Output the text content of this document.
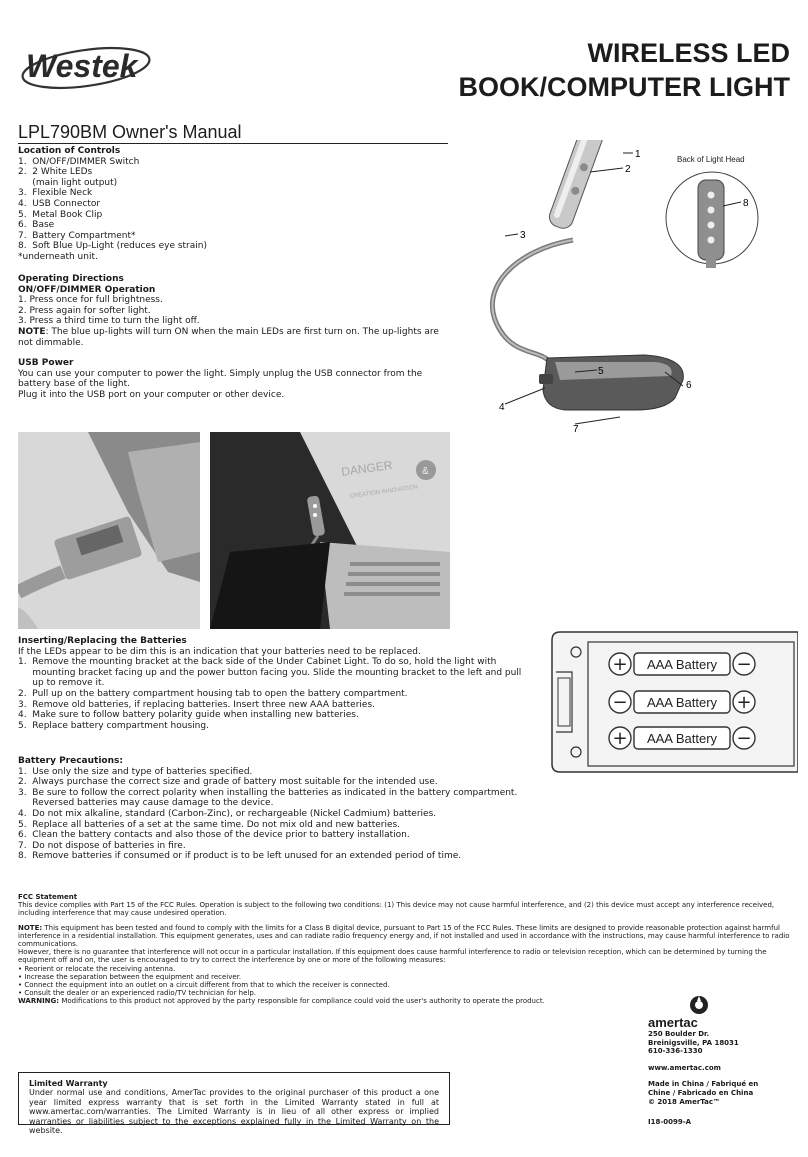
Westek	WIRELESS LED
BOOK/COMPUTER LIGHT
LPL790BM Owner's Manual
Location of Controls
1.  ON/OFF/DIMMER Switch
2.  2 White LEDs
(main light output)
3.  Flexible Neck
4.  USB Connector
5.  Metal Book Clip
6.  Base
7.  Battery Compartment*
8.  Soft Blue Up-Light (reduces eye strain)
*underneath unit.
Operating Directions
ON/OFF/DIMMER Operation
1. Press once for full brightness.
2. Press again for softer light.
3. Press a third time to turn the light off.

NOTE: The blue up-lights will turn ON when the main LEDs are first turn on. The up-lights are not dimmable.

USB Power

You can use your computer to power the light. Simply unplug the USB connector from the battery base of the light.

Plug it into the USB port on your computer or other device.

Back of Light Head
1
2
3
4
5
6
7
8
DANGER	&
CREATION INNOVATION
Inserting/Replacing the Batteries
If the LEDs appear to be dim this is an indication that your batteries need to be replaced.
1.  Remove the mounting bracket at the back side of the Under Cabinet Light. To do so, hold the light with
mounting bracket facing up and the power button facing you. Slide the mounting bracket to the left and pull
up to remove it.
2.  Pull up on the battery compartment housing tab to open the battery compartment.
3.  Remove old batteries, if replacing batteries. Insert three new AAA batteries.
4.  Make sure to follow battery polarity guide when installing new batteries.
5.  Replace battery compartment housing.
+ AAA Battery −
− AAA Battery +
+ AAA Battery −
Battery Precautions:
1.  Use only the size and type of batteries specified.
2.  Always purchase the correct size and grade of battery most suitable for the intended use.
3.  Be sure to follow the correct polarity when installing the batteries as indicated in the battery compartment.
Reversed batteries may cause damage to the device.
4.  Do not mix alkaline, standard (Carbon-Zinc), or rechargeable (Nickel Cadmium) batteries.
5.  Replace all batteries of a set at the same time. Do not mix old and new batteries.
6.  Clean the battery contacts and also those of the device prior to battery installation.
7.  Do not dispose of batteries in fire.
8.  Remove batteries if consumed or if product is to be left unused for an extended period of time.
FCC Statement

This device complies with Part 15 of the FCC Rules. Operation is subject to the following two conditions: (1) This device may not cause harmful interference, and (2) this device must accept any interference received, including interference that may cause undesired operation.

NOTE: This equipment has been tested and found to comply with the limits for a Class B digital device, pursuant to Part 15 of the FCC Rules. These limits are designed to provide reasonable protection against harmful interference in a residential installation. This equipment generates, uses and can radiate radio frequency energy and, if not installed and used in accordance with the instructions, may cause harmful interference to radio communications.

However, there is no guarantee that interference will not occur in a particular installation. If this equipment does cause harmful interference to radio or television reception, which can be determined by turning the equipment off and on, the user is encouraged to try to correct the interference by one or more of the following measures:

• Reorient or relocate the receiving antenna.
• Increase the separation between the equipment and receiver.
• Connect the equipment into an outlet on a circuit different from that to which the receiver is connected.
• Consult the dealer or an experienced radio/TV technician for help.

WARNING: Modifications to this product not approved by the party responsible for compliance could void the user's authority to operate the product.

amertac
250 Boulder Dr.
Breinigsville, PA 18031
610-336-1330
www.amertac.com
Made in China / Fabriqué en
Chine / Fabricado en China
© 2018 AmerTac™
I18-0099-A
Limited Warranty
Under normal use and conditions, AmerTac provides to the original purchaser of this product a one year limited express warranty that is set forth in the Limited Warranty stated in full at www.amertac.com/warranties. The Limited Warranty is in lieu of all other express or implied warranties or liabilities subject to the exceptions explained fully in the Limited Warranty on the website.
